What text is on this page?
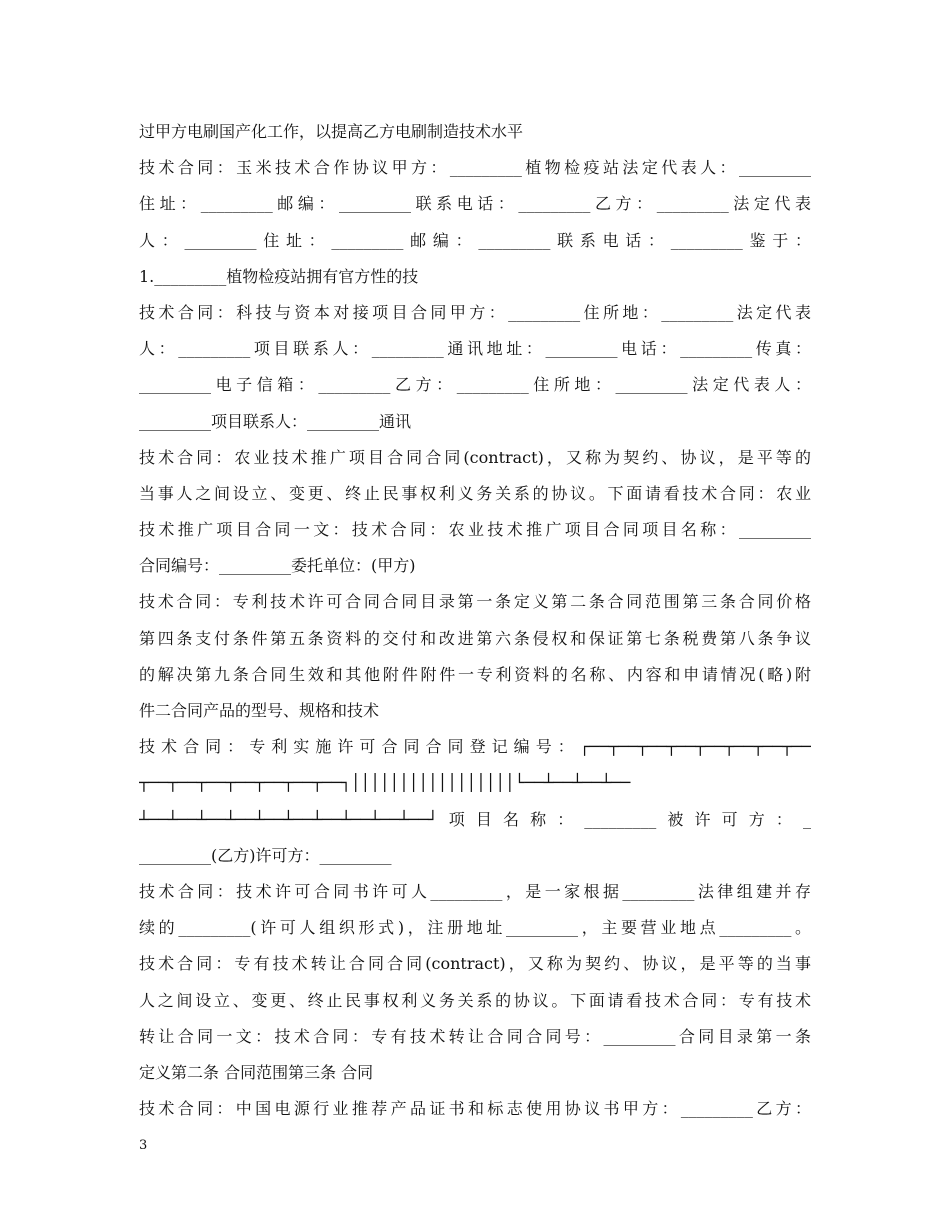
过甲方电刷国产化工作，以提高乙方电刷制造技术水平
技术合同：玉米技术合作协议甲方：_________植物检疫站法定代表人：_________
住址：_________邮编：_________联系电话：_________乙方：_________法定代表
人：_________住址：_________邮编：_________联系电话：_________鉴于：
1._________植物检疫站拥有官方性的技
技术合同：科技与资本对接项目合同甲方：_________住所地：_________法定代表
人：_________项目联系人：_________通讯地址：_________电话：_________传真：
_________电子信箱：_________乙方：_________住所地：_________法定代表人：
_________项目联系人：_________通讯
技术合同：农业技术推广项目合同合同(contract)，又称为契约、协议，是平等的
当事人之间设立、变更、终止民事权利义务关系的协议。下面请看技术合同：农业
技术推广项目合同一文：技术合同：农业技术推广项目合同项目名称：_________
合同编号：_________委托单位：(甲方)
技术合同：专利技术许可合同合同目录第一条定义第二条合同范围第三条合同价格
第四条支付条件第五条资料的交付和改进第六条侵权和保证第七条税费第八条争议
的解决第九条合同生效和其他附件附件一专利资料的名称、内容和申请情况(略)附
件二合同产品的型号、规格和技术
技术合同：专利实施许可合同合同登记编号：┌──┬──┬──┬──┬──┬──┬──┬──
┬──┬──┬──┬──┬──┬──┬──┐│││││││││││││││││└──┴──┴──┴──
┴──┴──┴──┴──┴──┴──┴──┴──┴──┴──┘项目名称：_________被许可方：_
_________(乙方)许可方：_________
技术合同：技术许可合同书许可人_________，是一家根据_________法律组建并存
续的_________(许可人组织形式)，注册地址_________，主要营业地点_________。
技术合同：专有技术转让合同合同(contract)，又称为契约、协议，是平等的当事
人之间设立、变更、终止民事权利义务关系的协议。下面请看技术合同：专有技术
转让合同一文：技术合同：专有技术转让合同合同号：_________合同目录第一条
定义第二条 合同范围第三条 合同
技术合同：中国电源行业推荐产品证书和标志使用协议书甲方：_________乙方：
3
